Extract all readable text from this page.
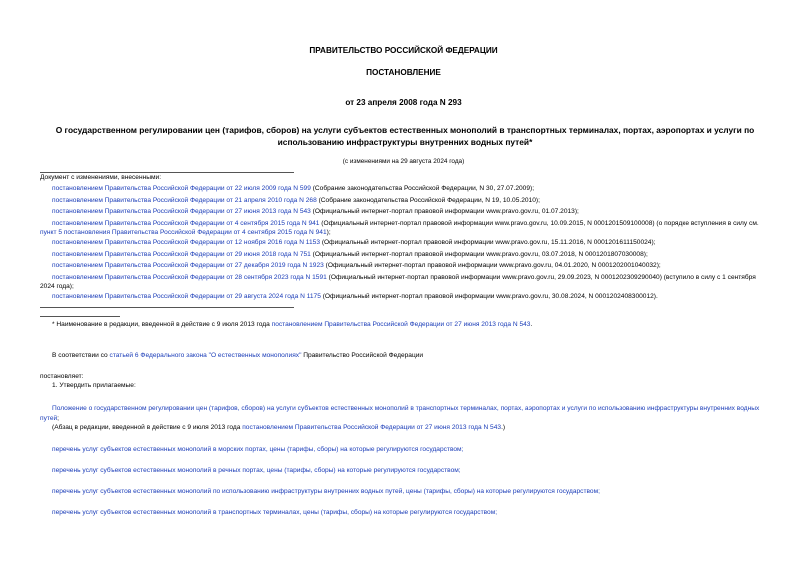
ПРАВИТЕЛЬСТВО РОССИЙСКОЙ ФЕДЕРАЦИИ
ПОСТАНОВЛЕНИЕ
от 23 апреля 2008 года N 293
О государственном регулировании цен (тарифов, сборов) на услуги субъектов естественных монополий в транспортных терминалах, портах, аэропортах и услуги по использованию инфраструктуры внутренних водных путей*
(с изменениями на 29 августа 2024 года)
Документ с изменениями, внесенными:
постановлением Правительства Российской Федерации от 22 июля 2009 года N 599 (Собрание законодательства Российской Федерации, N 30, 27.07.2009);
постановлением Правительства Российской Федерации от 21 апреля 2010 года N 268 (Собрание законодательства Российской Федерации, N 19, 10.05.2010);
постановлением Правительства Российской Федерации от 27 июня 2013 года N 543 (Официальный интернет-портал правовой информации www.pravo.gov.ru, 01.07.2013);
постановлением Правительства Российской Федерации от 4 сентября 2015 года N 941 (Официальный интернет-портал правовой информации www.pravo.gov.ru, 10.09.2015, N 0001201509100008) (о порядке вступления в силу см. пункт 5 постановления Правительства Российской Федерации от 4 сентября 2015 года N 941);
постановлением Правительства Российской Федерации от 12 ноября 2016 года N 1153 (Официальный интернет-портал правовой информации www.pravo.gov.ru, 15.11.2016, N 0001201611150024);
постановлением Правительства Российской Федерации от 29 июня 2018 года N 751 (Официальный интернет-портал правовой информации www.pravo.gov.ru, 03.07.2018, N 0001201807030008);
постановлением Правительства Российской Федерации от 27 декабря 2019 года N 1923 (Официальный интернет-портал правовой информации www.pravo.gov.ru, 04.01.2020, N 0001202001040032);
постановлением Правительства Российской Федерации от 28 сентября 2023 года N 1591 (Официальный интернет-портал правовой информации www.pravo.gov.ru, 29.09.2023, N 0001202309290040) (вступило в силу с 1 сентября 2024 года);
постановлением Правительства Российской Федерации от 29 августа 2024 года N 1175 (Официальный интернет-портал правовой информации www.pravo.gov.ru, 30.08.2024, N 0001202408300012).
* Наименование в редакции, введенной в действие с 9 июля 2013 года постановлением Правительства Российской Федерации от 27 июня 2013 года N 543.
В соответствии со статьей 6 Федерального закона "О естественных монополиях" Правительство Российской Федерации
постановляет:
1. Утвердить прилагаемые:
Положение о государственном регулировании цен (тарифов, сборов) на услуги субъектов естественных монополий в транспортных терминалах, портах, аэропортах и услуги по использованию инфраструктуры внутренних водных путей;
(Абзац в редакции, введенной в действие с 9 июля 2013 года постановлением Правительства Российской Федерации от 27 июня 2013 года N 543.)
перечень услуг субъектов естественных монополий в морских портах, цены (тарифы, сборы) на которые регулируются государством;
перечень услуг субъектов естественных монополий в речных портах, цены (тарифы, сборы) на которые регулируются государством;
перечень услуг субъектов естественных монополий по использованию инфраструктуры внутренних водных путей, цены (тарифы, сборы) на которые регулируются государством;
перечень услуг субъектов естественных монополий в транспортных терминалах, цены (тарифы, сборы) на которые регулируются государством;
